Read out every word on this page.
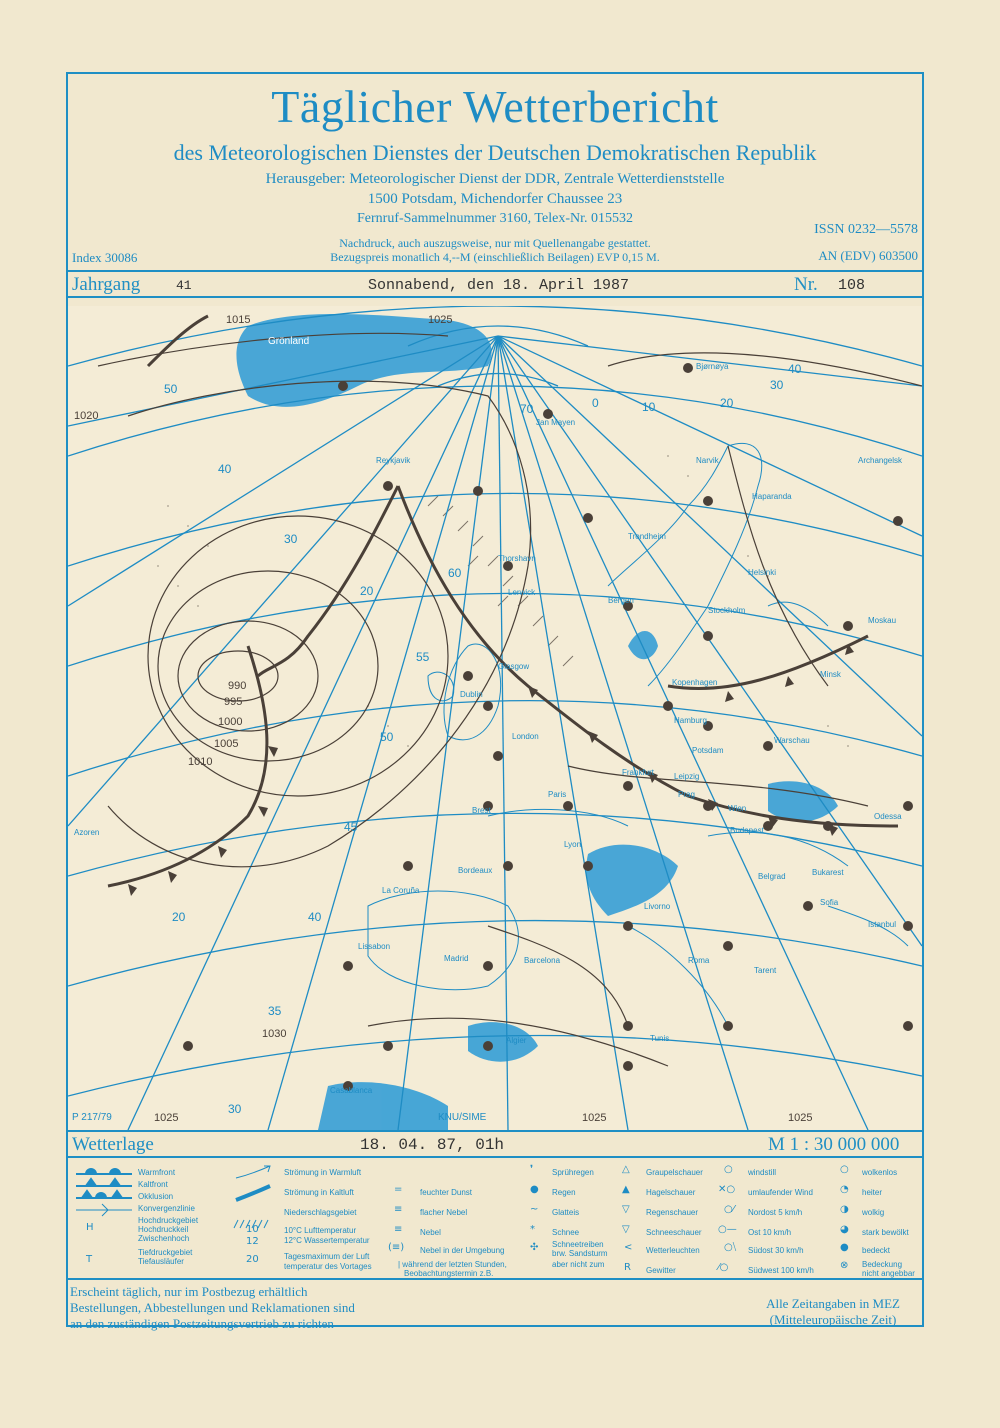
Täglicher Wetterbericht
des Meteorologischen Dienstes der Deutschen Demokratischen Republik
Herausgeber: Meteorologischer Dienst der DDR, Zentrale Wetterdienststelle
1500 Potsdam, Michendorfer Chaussee 23
Fernruf-Sammelnummer 3160, Telex-Nr. 015532
ISSN 0232—5578
AN (EDV) 603500
Index 30086
Nachdruck, auch auszugsweise, nur mit Quellenangabe gestattet.
Bezugspreis monatlich 4,--M (einschließlich Beilagen) EVP 0,15 M.
Jahrgang	41	Sonnabend, den 18. April 1987	Nr. 108
Grönland
Jan Mayen
Bjørnøya
Narvik
Haparanda
Archangelsk
Trondheim
Bergen
Helsinki
Stockholm
Moskau
Kopenhagen
Minsk
Hamburg
Potsdam
Warschau
London
Glasgow
Dublin
Brest
Paris
Frankfurt Leipzig
Prag
Wien
Budapest
Odessa
Lyon
Bordeaux
La Coruña
Livorno
Belgrad	Bukarest
Sofia
Istanbul
Lissabon
Madrid	Barcelona	Roma
Tarent
Tunis
Algier
Casablanca
Azoren
Reykjavik
Thorshavn
Lerwick
1015
1020
1025
1030
1010
1005
1000
995
990
70
60
55
50
45
40
35
30
20
50
40
30
20
0	10	20
30
40
P 217/79	KNU/SIME
1025	1025	1025
Wetterlage	18. 04. 87, 01h	M 1 : 30 000 000
H
T
Warmfront
Kaltfront
Okklusion
Konvergenzlinie
Hochdruckgebiet
Hochdruckkeil
Zwischenhoch
Tiefdruckgebiet
Tiefausläufer
Strömung in Warmluft
Strömung in Kaltluft
Niederschlagsgebiet
10
12
20
10°C Lufttemperatur
12°C Wassertemperatur
Tagesmaximum der Luft
temperatur des Vortages
=
≡
≡
(≡)
feuchter Dunst
flacher Nebel
Nebel
Nebel in der Umgebung
| während der letzten Stunden,
Beobachtungstermin z.B.
❜
●
~
*
✣
Sprühregen
Regen
Glatteis
Schnee
Schneetreiben
brw. Sandsturm
aber nicht zum
△
▲
▽
▽
<
R
Graupelschauer
Hagelschauer
Regenschauer
Schneeschauer
Wetterleuchten
Gewitter
○
✕○
○⁄
○—
○⧹
⁄○
windstill
umlaufender Wind
Nordost 5 km/h
Ost 10 km/h
Südost 30 km/h
Südwest 100 km/h
○
◔
◑
◕
●
⊗
wolkenlos
heiter
wolkig
stark bewölkt
bedeckt
Bedeckung
nicht angebbar
Erscheint täglich, nur im Postbezug erhältlich
Bestellungen, Abbestellungen und Reklamationen sind
an den zuständigen Postzeitungsvertrieb zu richten
Alle Zeitangaben in MEZ
(Mitteleuropäische Zeit)
